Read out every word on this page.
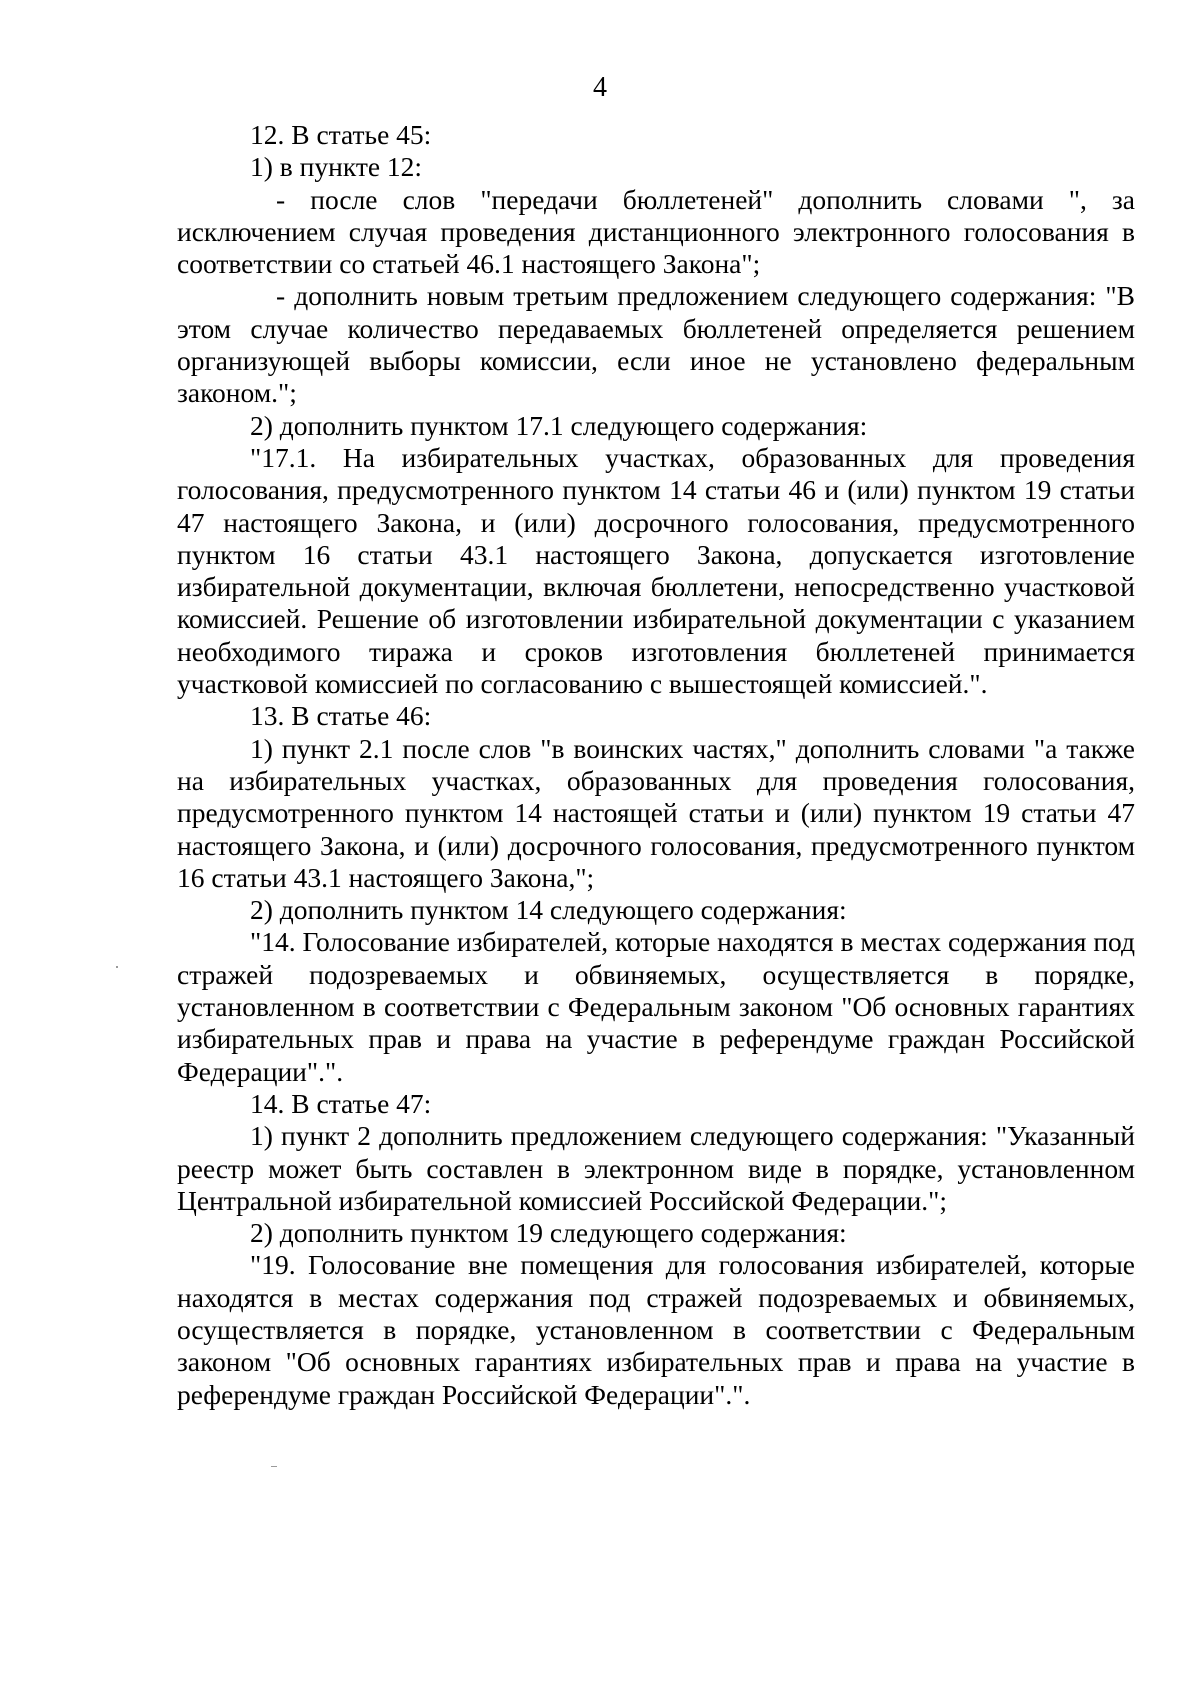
4

12. В статье 45:

1) в пункте 12:

- после слов "передачи бюллетеней" дополнить словами ", за исключением случая проведения дистанционного электронного голосования в соответствии со статьей 46.1 настоящего Закона";

- дополнить новым третьим предложением следующего содержания: "В этом случае количество передаваемых бюллетеней определяется решением организующей выборы комиссии, если иное не установлено федеральным законом.";

2) дополнить пунктом 17.1 следующего содержания:

"17.1. На избирательных участках, образованных для проведения голосования, предусмотренного пунктом 14 статьи 46 и (или) пунктом 19 статьи 47 настоящего Закона, и (или) досрочного голосования, предусмотренного пунктом 16 статьи 43.1 настоящего Закона, допускается изготовление избирательной документации, включая бюллетени, непосредственно участковой комиссией. Решение об изготовлении избирательной документации с указанием необходимого тиража и сроков изготовления бюллетеней принимается участковой комиссией по согласованию с вышестоящей комиссией.".

13. В статье 46:

1) пункт 2.1 после слов "в воинских частях," дополнить словами "а также на избирательных участках, образованных для проведения голосования, предусмотренного пунктом 14 настоящей статьи и (или) пунктом 19 статьи 47 настоящего Закона, и (или) досрочного голосования, предусмотренного пунктом 16 статьи 43.1 настоящего Закона,";

2) дополнить пунктом 14 следующего содержания:

"14. Голосование избирателей, которые находятся в местах содержания под стражей подозреваемых и обвиняемых, осуществляется в порядке, установленном в соответствии с Федеральным законом "Об основных гарантиях избирательных прав и права на участие в референдуме граждан Российской Федерации".".

14. В статье 47:

1) пункт 2 дополнить предложением следующего содержания: "Указанный реестр может быть составлен в электронном виде в порядке, установленном Центральной избирательной комиссией Российской Федерации.";

2) дополнить пунктом 19 следующего содержания:

"19. Голосование вне помещения для голосования избирателей, которые находятся в местах содержания под стражей подозреваемых и обвиняемых, осуществляется в порядке, установленном в соответствии с Федеральным законом "Об основных гарантиях избирательных прав и права на участие в референдуме граждан Российской Федерации".".
